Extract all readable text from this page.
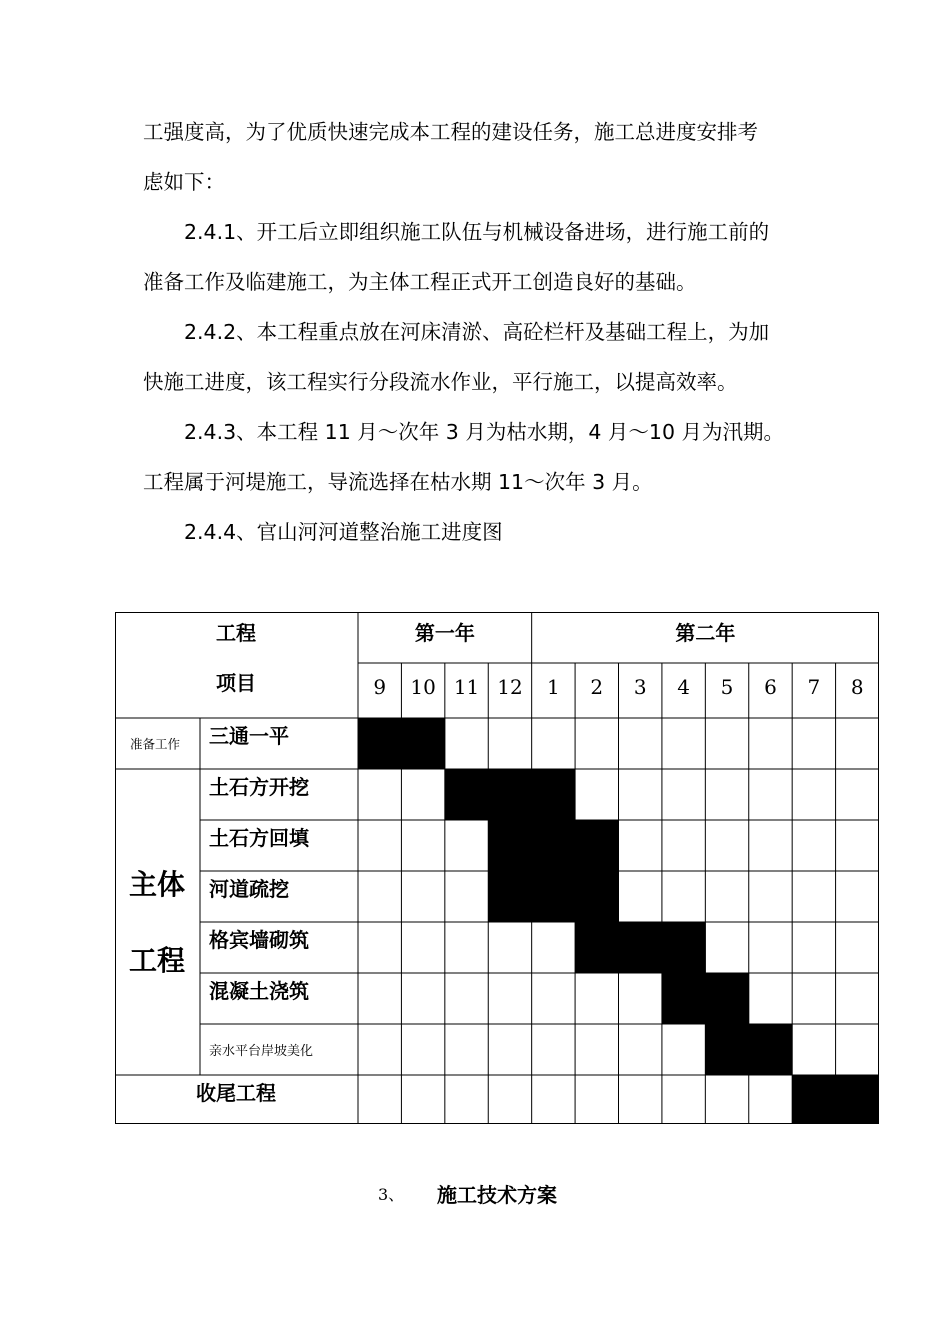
工强度高，为了优质快速完成本工程的建设任务，施工总进度安排考
虑如下：
2.4.1、开工后立即组织施工队伍与机械设备进场，进行施工前的
准备工作及临建施工，为主体工程正式开工创造良好的基础。
2.4.2、本工程重点放在河床清淤、高砼栏杆及基础工程上，为加
快施工进度，该工程实行分段流水作业，平行施工，以提高效率。
2.4.3、本工程 11 月～次年 3 月为枯水期，4 月～10 月为汛期。
工程属于河堤施工，导流选择在枯水期 11～次年 3 月。
2.4.4、官山河河道整治施工进度图
工程
项目
第一年	第二年
9 10 11 12 1 2 3 4 5 6 7 8
准备工作
主体
工程
三通一平
土石方开挖
土石方回填
河道疏挖
格宾墙砌筑
混凝土浇筑
亲水平台岸坡美化
收尾工程
3、 施工技术方案
